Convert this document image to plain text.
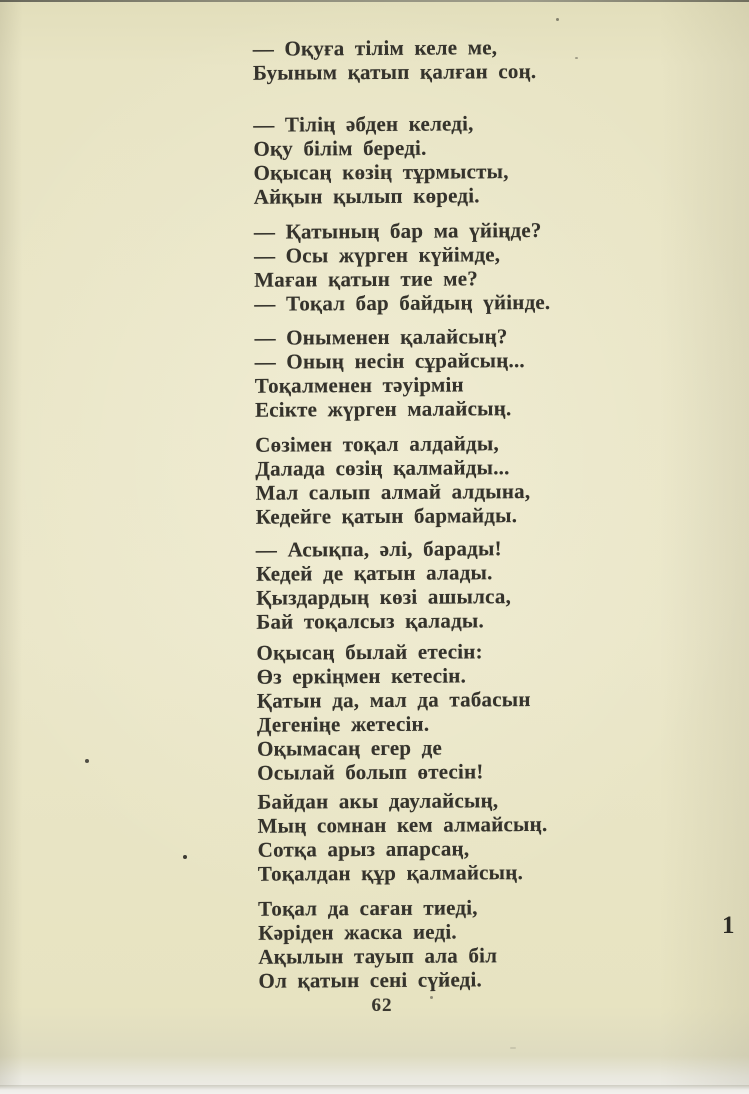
— Оқуға тілім келе ме,
Буыным қатып қалған соң.
— Тілің әбден келеді,
Оқу білім береді.
Оқысаң көзің тұрмысты,
Айқын қылып көреді.
— Қатының бар ма үйіңде?
— Осы жүрген күйімде,
Маған қатын тие ме?
— Тоқал бар байдың үйінде.
— Оныменен қалайсың?
— Оның несін сұрайсың...
Тоқалменен тәуірмін
Есікте жүрген малайсың.
Сөзімен тоқал алдайды,
Далада сөзің қалмайды...
Мал салып алмай алдына,
Кедейге қатын бармайды.
— Асықпа, әлі, барады!
Кедей де қатын алады.
Қыздардың көзі ашылса,
Бай тоқалсыз қалады.
Оқысаң былай етесін:
Өз еркіңмен кетесін.
Қатын да, мал да табасын
Дегеніңе жетесін.
Оқымасаң егер де
Осылай болып өтесін!
Байдан акы даулайсың,
Мың сомнан кем алмайсың.
Сотқа арыз апарсаң,
Тоқалдан құр қалмайсың.
Тоқал да саған тиеді,
Кәріден жаска иеді.
Ақылын тауып ала біл
Ол қатын сені сүйеді.
62
1
